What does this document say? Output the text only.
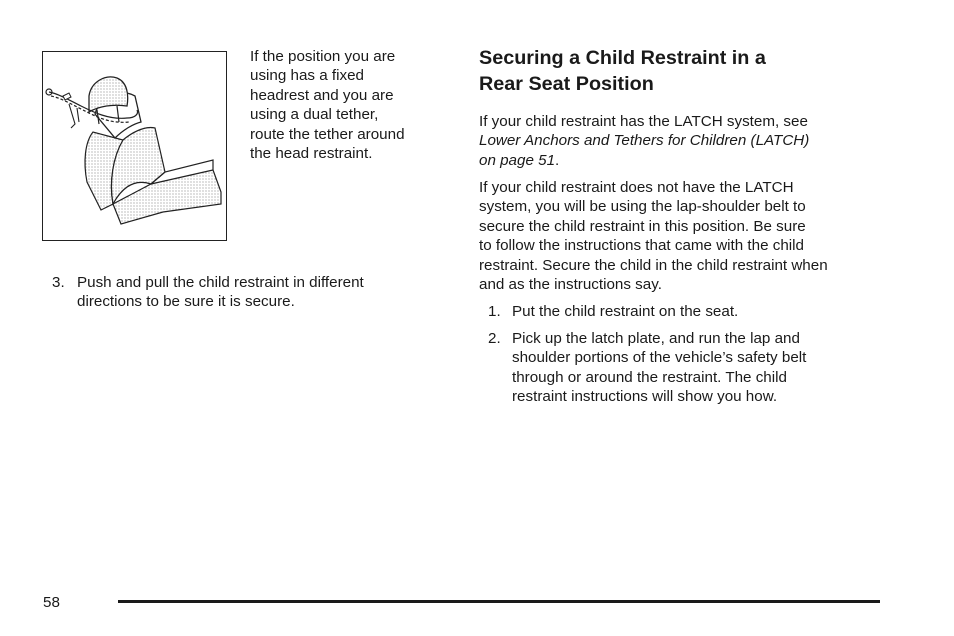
If the position you are
using has a fixed
headrest and you are
using a dual tether,
route the tether around
the head restraint.
3. Push and pull the child restraint in different
directions to be sure it is secure.
Securing a Child Restraint in a
Rear Seat Position
If your child restraint has the LATCH system, see
Lower Anchors and Tethers for Children (LATCH)
on page 51.
If your child restraint does not have the LATCH
system, you will be using the lap-shoulder belt to
secure the child restraint in this position. Be sure
to follow the instructions that came with the child
restraint. Secure the child in the child restraint when
and as the instructions say.
1. Put the child restraint on the seat.
2. Pick up the latch plate, and run the lap and
shoulder portions of the vehicle’s safety belt
through or around the restraint. The child
restraint instructions will show you how.
58
